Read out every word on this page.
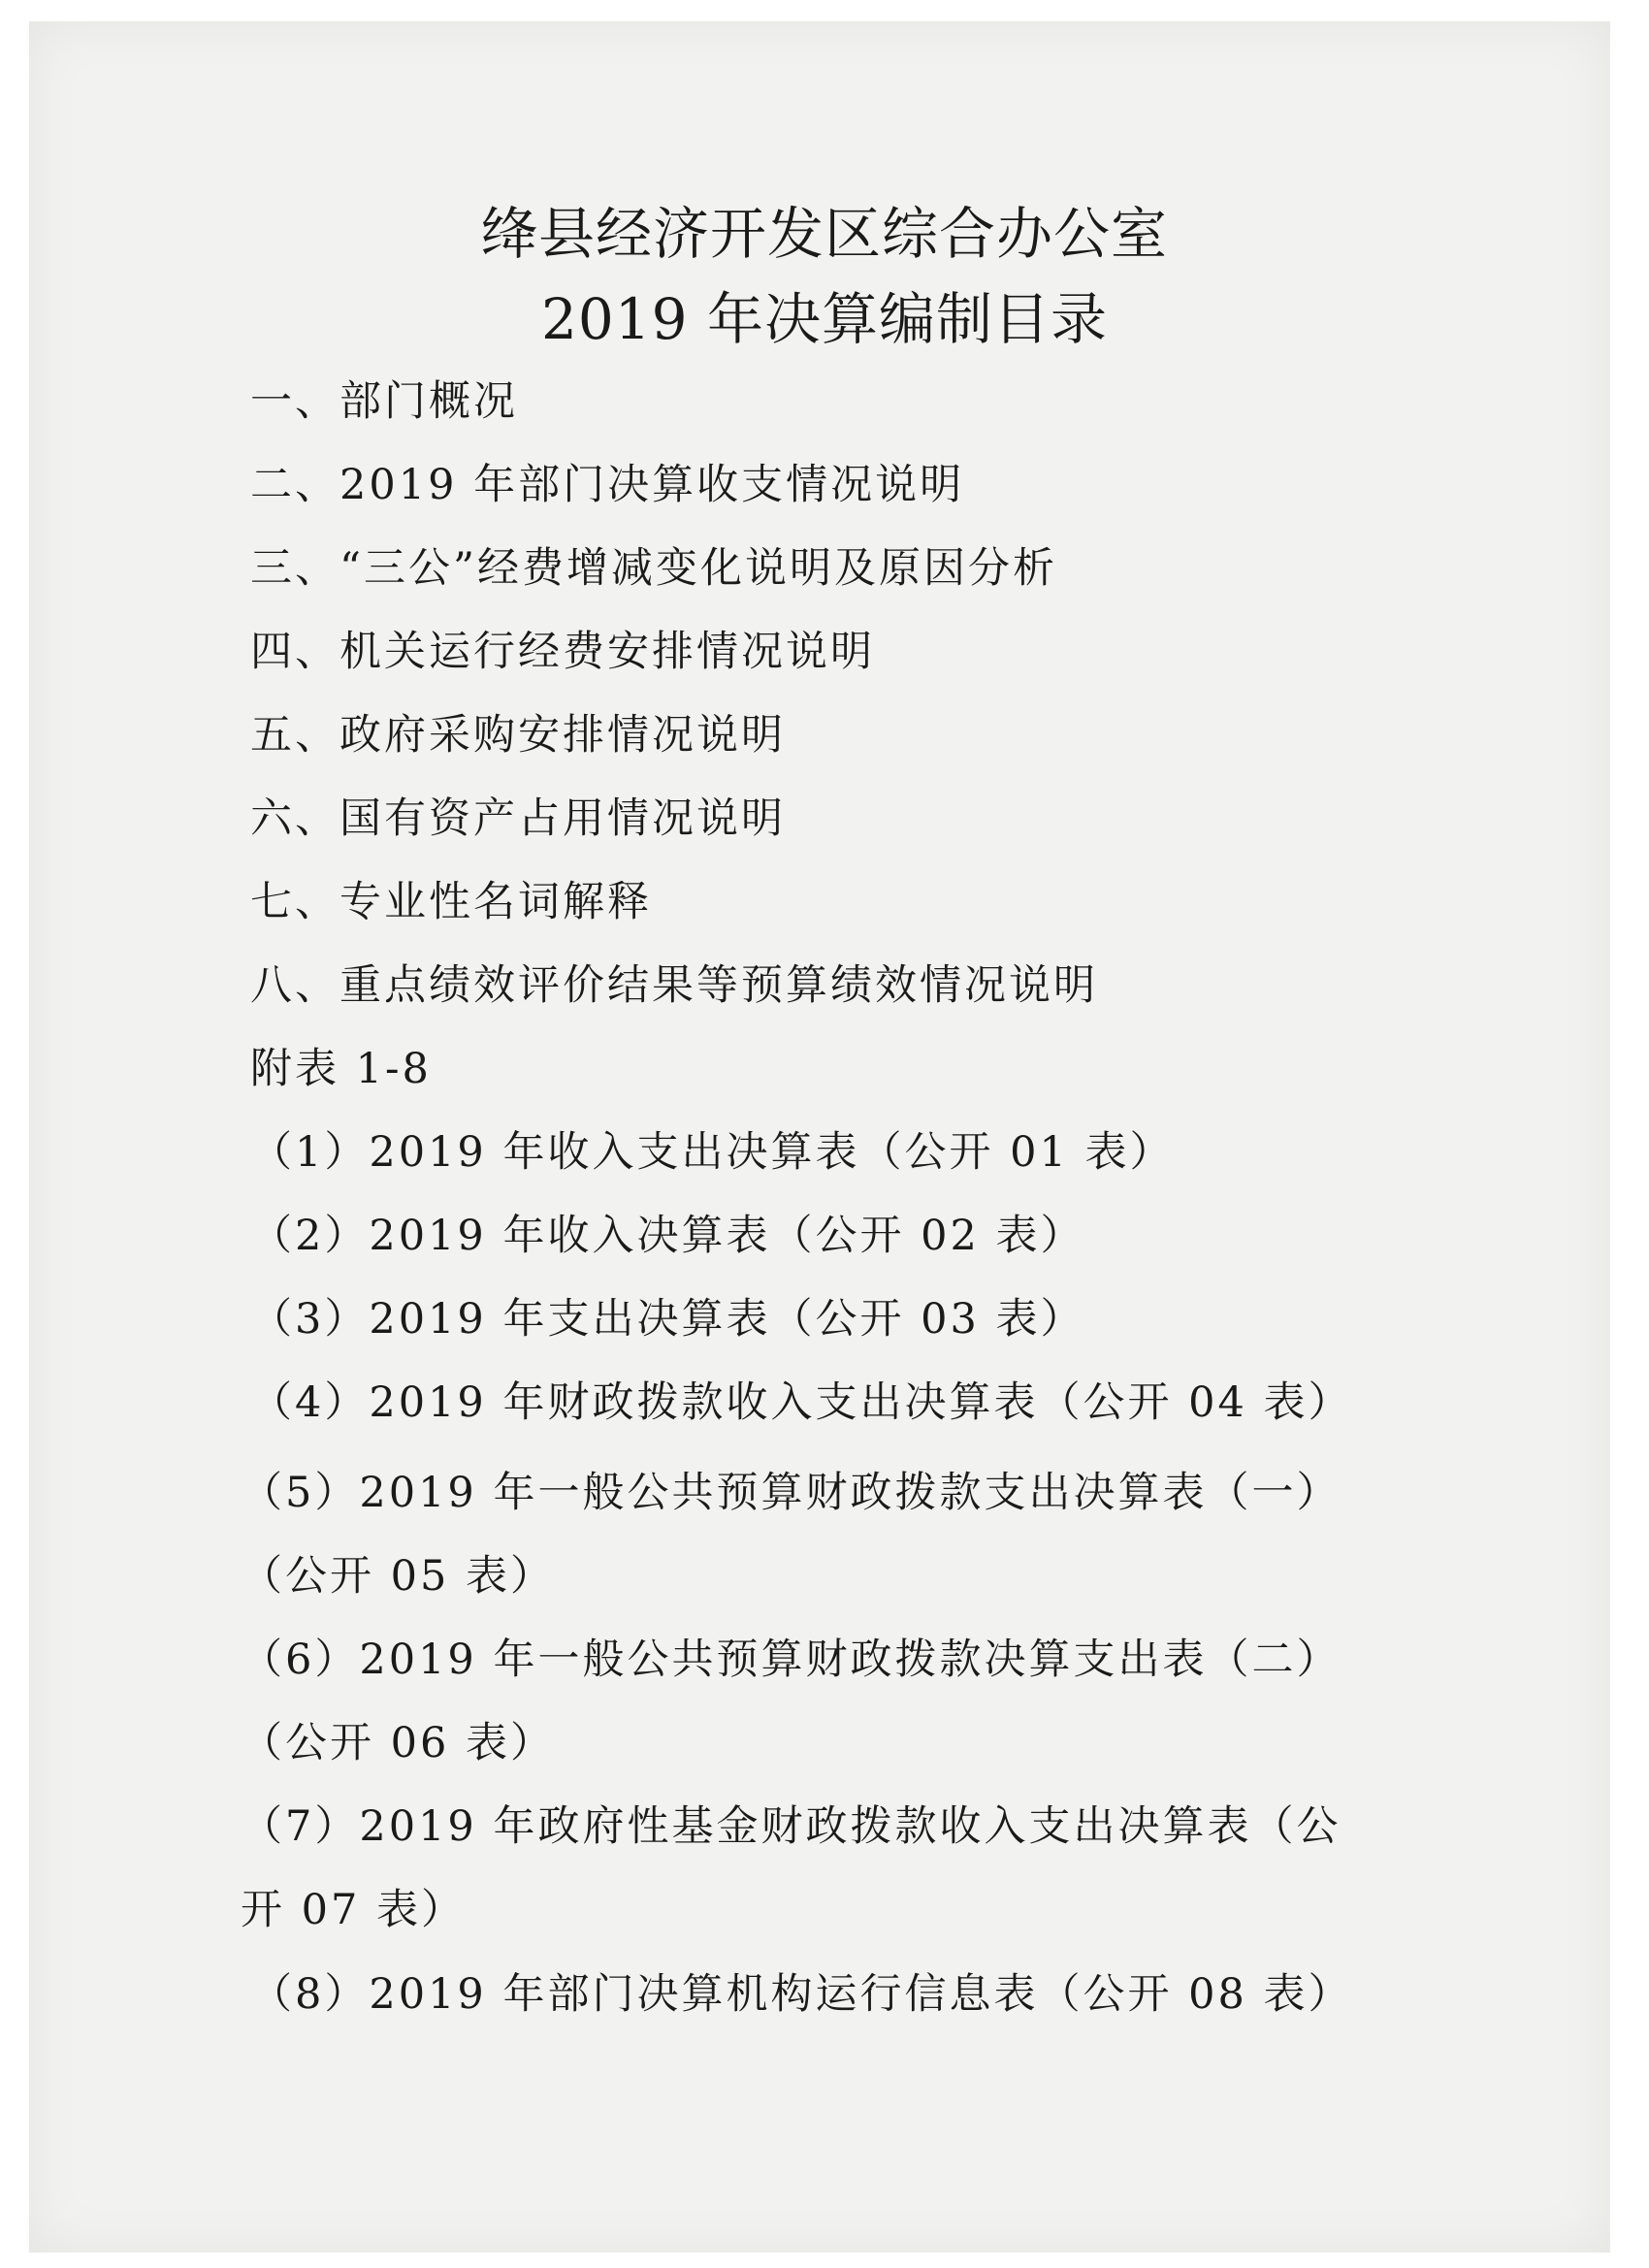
绛县经济开发区综合办公室
2019 年决算编制目录

一、部门概况

二、2019 年部门决算收支情况说明

三、“三公”经费增减变化说明及原因分析

四、机关运行经费安排情况说明

五、政府采购安排情况说明

六、国有资产占用情况说明

七、专业性名词解释

八、重点绩效评价结果等预算绩效情况说明

附表 1-8

（1）2019 年收入支出决算表（公开 01 表）

（2）2019 年收入决算表（公开 02 表）

（3）2019 年支出决算表（公开 03 表）

（4）2019 年财政拨款收入支出决算表（公开 04 表）

（5）2019 年一般公共预算财政拨款支出决算表（一）（公开 05 表）

（6）2019 年一般公共预算财政拨款决算支出表（二）（公开 06 表）

（7）2019 年政府性基金财政拨款收入支出决算表（公开 07 表）

（8）2019 年部门决算机构运行信息表（公开 08 表）
